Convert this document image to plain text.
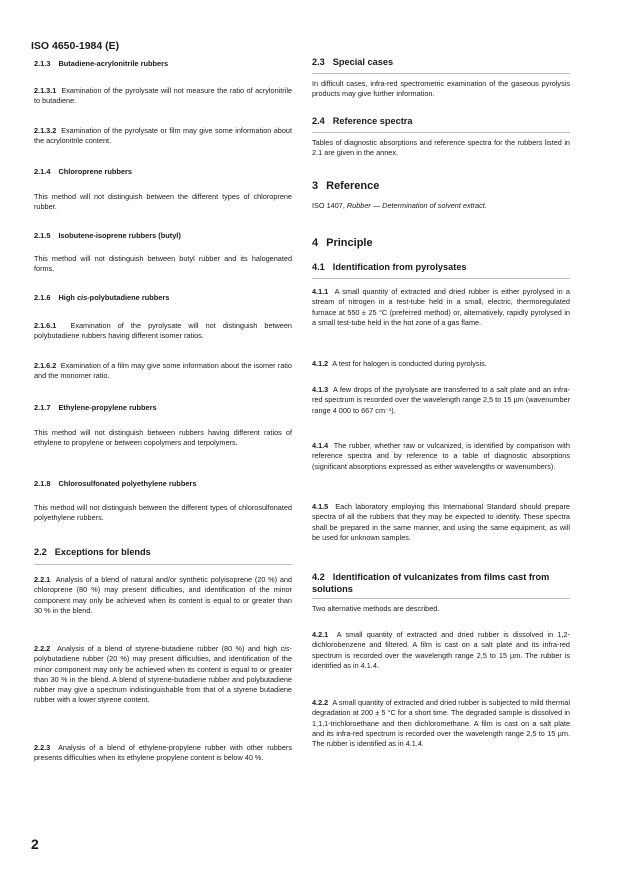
ISO 4650-1984 (E)
2.1.3 Butadiene-acrylonitrile rubbers
2.1.3.1 Examination of the pyrolysate will not measure the ratio of acrylonitrile to butadiene.
2.1.3.2 Examination of the pyrolysate or film may give some information about the acrylonitrile content.
2.1.4 Chloroprene rubbers
This method will not distinguish between the different types of chloroprene rubber.
2.1.5 Isobutene-isoprene rubbers (butyl)
This method will not distinguish between butyl rubber and its halogenated forms.
2.1.6 High cis-polybutadiene rubbers
2.1.6.1 Examination of the pyrolysate will not distinguish between polybutadiene rubbers having different isomer ratios.
2.1.6.2 Examination of a film may give some information about the isomer ratio and the monomer ratio.
2.1.7 Ethylene-propylene rubbers
This method will not distinguish between rubbers having different ratios of ethylene to propylene or between copolymers and terpolymers.
2.1.8 Chlorosulfonated polyethylene rubbers
This method will not distinguish between the different types of chlorosulfonated polyethylene rubbers.
2.2 Exceptions for blends
2.2.1 Analysis of a blend of natural and/or synthetic polyisoprene (20 %) and chloroprene (80 %) may present difficulties, and identification of the minor component may only be achieved when its content is equal to or greater than 30 % in the blend.
2.2.2 Analysis of a blend of styrene-butadiene rubber (80 %) and high cis-polybutadiene rubber (20 %) may present difficulties, and identification of the minor component may only be achieved when its content is equal to or greater than 30 % in the blend. A blend of styrene-butadiene rubber and polybutadiene rubber may give a spectrum indistinguishable from that of a styrene butadiene rubber with a lower styrene content.
2.2.3 Analysis of a blend of ethylene-propylene rubber with other rubbers presents difficulties when its ethylene propylene content is below 40 %.
2.3 Special cases
In difficult cases, infra-red spectrometric examination of the gaseous pyrolysis products may give further information.
2.4 Reference spectra
Tables of diagnostic absorptions and reference spectra for the rubbers listed in 2.1 are given in the annex.
3 Reference
ISO 1407, Rubber — Determination of solvent extract.
4 Principle
4.1 Identification from pyrolysates
4.1.1 A small quantity of extracted and dried rubber is either pyrolysed in a stream of nitrogen in a test-tube held in a small, electric, thermoregulated furnace at 550 ± 25 °C (preferred method) or, alternatively, rapidly pyrolysed in a small test-tube held in the hot zone of a gas flame.
4.1.2 A test for halogen is conducted during pyrolysis.
4.1.3 A few drops of the pyrolysate are transferred to a salt plate and an infra-red spectrum is recorded over the wavelength range 2,5 to 15 µm (wavenumber range 4 000 to 667 cm⁻¹).
4.1.4 The rubber, whether raw or vulcanized, is identified by comparison with reference spectra and by reference to a table of diagnostic absorptions (significant absorptions expressed as either wavelengths or wavenumbers).
4.1.5 Each laboratory employing this International Standard should prepare spectra of all the rubbers that they may be expected to identify. These spectra shall be prepared in the same manner, and using the same equipment, as will be used for unknown samples.
4.2 Identification of vulcanizates from films cast from solutions
Two alternative methods are described.
4.2.1 A small quantity of extracted and dried rubber is dissolved in 1,2-dichlorobenzene and filtered. A film is cast on a salt plate and its infra-red spectrum is recorded over the wavelength range 2,5 to 15 µm. The rubber is identified as in 4.1.4.
4.2.2 A small quantity of extracted and dried rubber is subjected to mild thermal degradation at 200 ± 5 °C for a short time. The degraded sample is dissolved in 1,1,1-trichloroethane and then dichloromethane. A film is cast on a salt plate and its infra-red spectrum is recorded over the wavelength range 2,5 to 15 µm. The rubber is identified as in 4.1.4.
2
